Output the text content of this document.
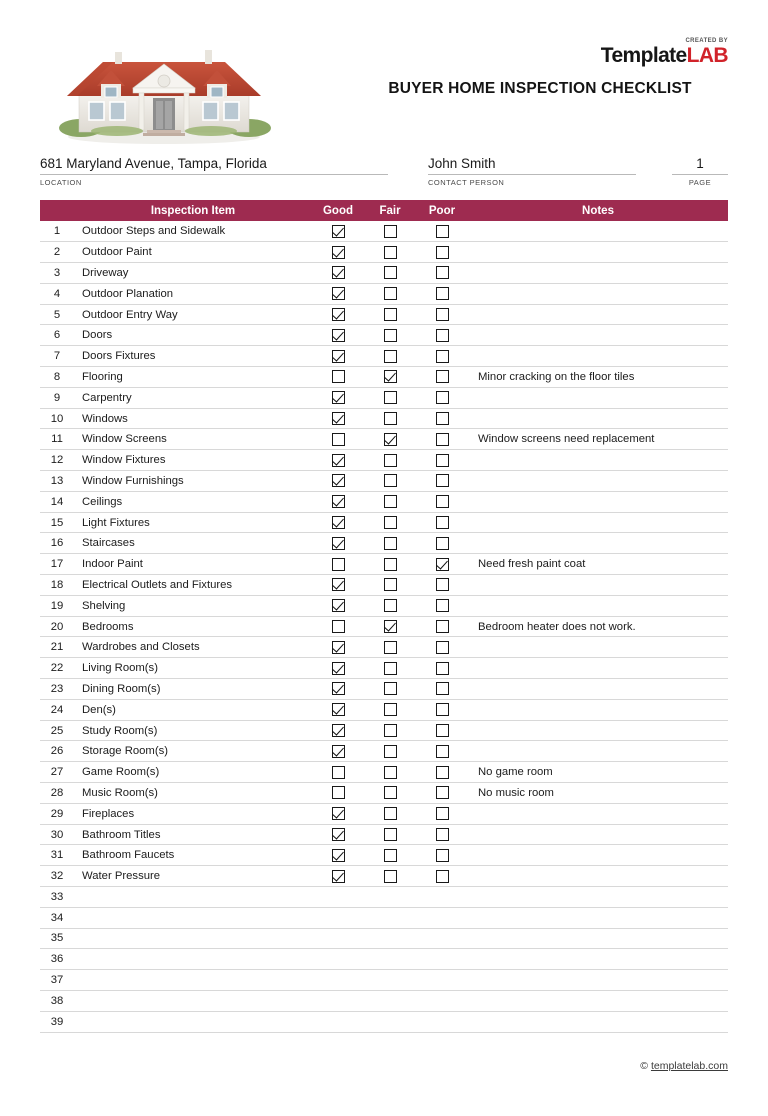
CREATED BY
TemplateLAB
BUYER HOME INSPECTION CHECKLIST
681 Maryland Avenue, Tampa, Florida
LOCATION
John Smith
CONTACT PERSON
1
PAGE
	Inspection Item	Good	Fair	Poor	Notes
1	Outdoor Steps and Sidewalk				
2	Outdoor Paint				
3	Driveway				
4	Outdoor Planation				
5	Outdoor Entry Way				
6	Doors				
7	Doors Fixtures				
8	Flooring				Minor cracking on the floor tiles
9	Carpentry				
10	Windows				
11	Window Screens				Window screens need replacement
12	Window Fixtures				
13	Window Furnishings				
14	Ceilings				
15	Light Fixtures				
16	Staircases				
17	Indoor Paint				Need fresh paint coat
18	Electrical Outlets and Fixtures				
19	Shelving				
20	Bedrooms				Bedroom heater does not work.
21	Wardrobes and Closets				
22	Living Room(s)				
23	Dining Room(s)				
24	Den(s)				
25	Study Room(s)				
26	Storage Room(s)				
27	Game Room(s)				No game room
28	Music Room(s)				No music room
29	Fireplaces				
30	Bathroom Titles				
31	Bathroom Faucets				
32	Water Pressure				
33					
34					
35					
36					
37					
38					
39					
© templatelab.com
